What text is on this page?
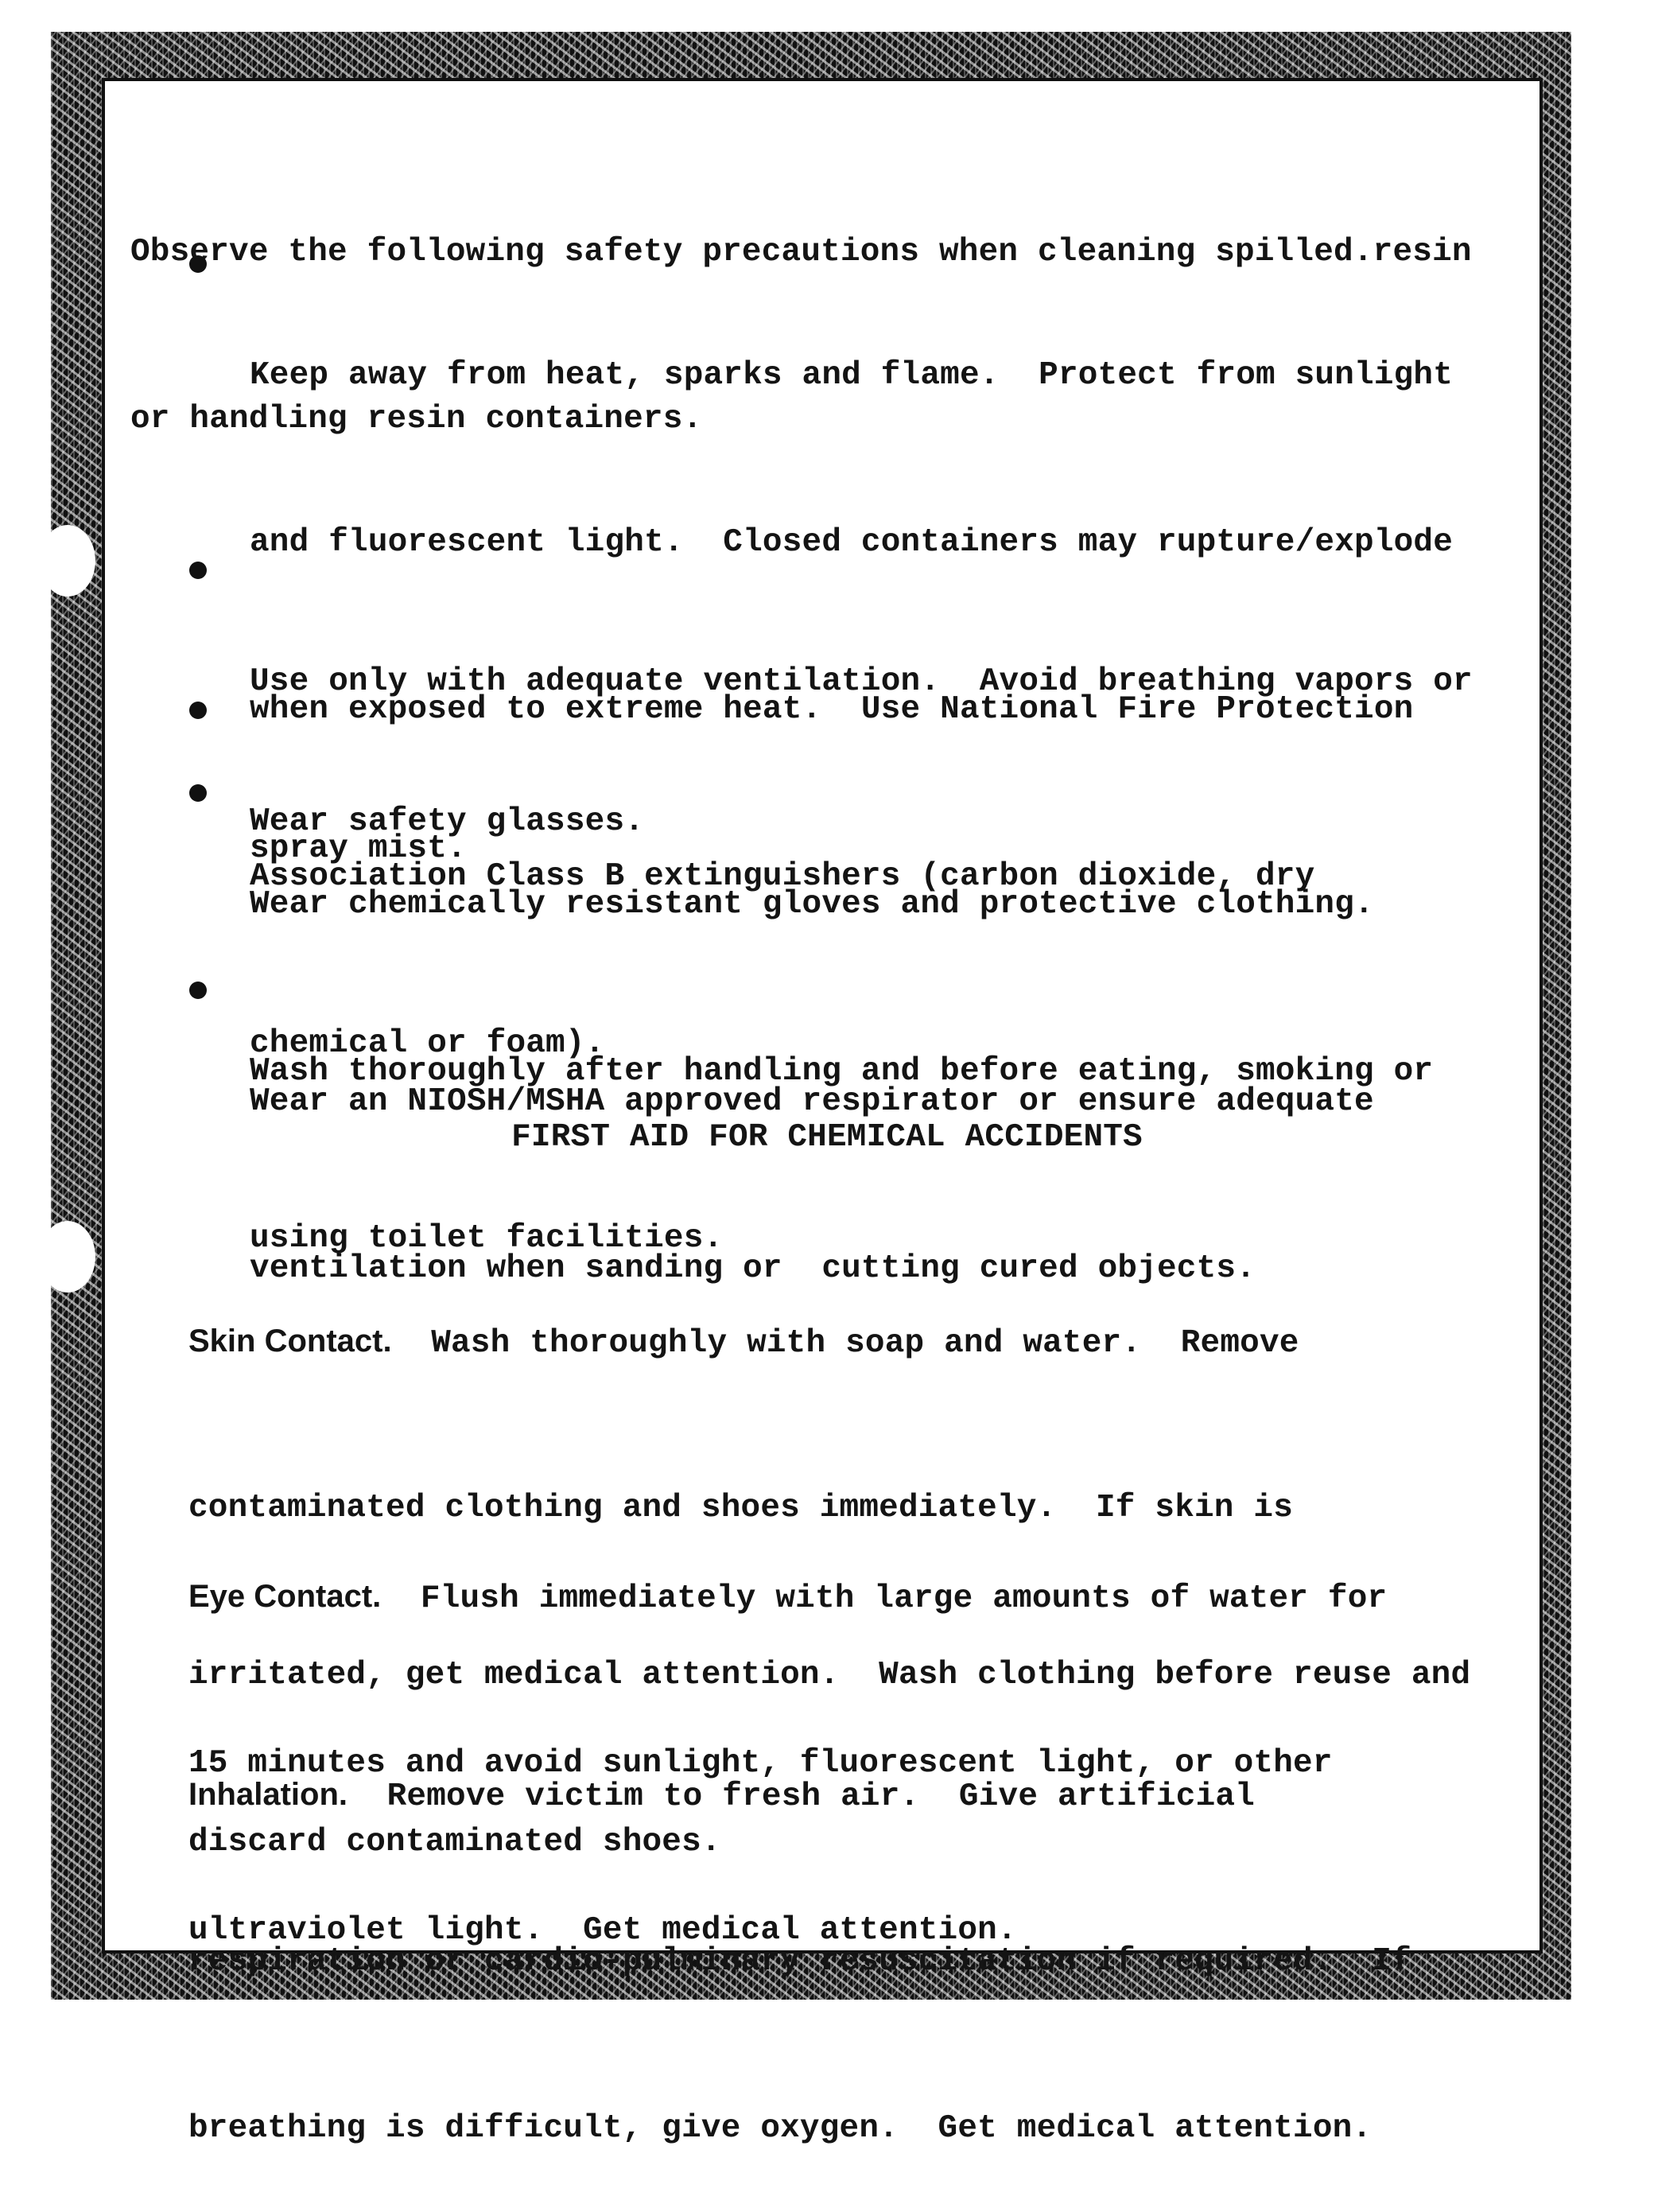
Observe the following safety precautions when cleaning spilled.resin

or handling resin containers.

Keep away from heat, sparks and flame.  Protect from sunlight

and fluorescent light.  Closed containers may rupture/explode

when exposed to extreme heat.  Use National Fire Protection

Association Class B extinguishers (carbon dioxide, dry

chemical or foam).

Use only with adequate ventilation.  Avoid breathing vapors or

spray mist.

Wear safety glasses.

Wear chemically resistant gloves and protective clothing.

Wash thoroughly after handling and before eating, smoking or

using toilet facilities.

Wear an NIOSH/MSHA approved respirator or ensure adequate

ventilation when sanding or  cutting cured objects.

FIRST AID FOR CHEMICAL ACCIDENTS

Skin Contact.  Wash thoroughly with soap and water.  Remove

contaminated clothing and shoes immediately.  If skin is

irritated, get medical attention.  Wash clothing before reuse and

discard contaminated shoes.

Eye Contact.  Flush immediately with large amounts of water for

15 minutes and avoid sunlight, fluorescent light, or other

ultraviolet light.  Get medical attention.

Inhalation.  Remove victim to fresh air.  Give artificial

respiration or cardio-pulminary resuscitation if required.  If

breathing is difficult, give oxygen.  Get medical attention.
